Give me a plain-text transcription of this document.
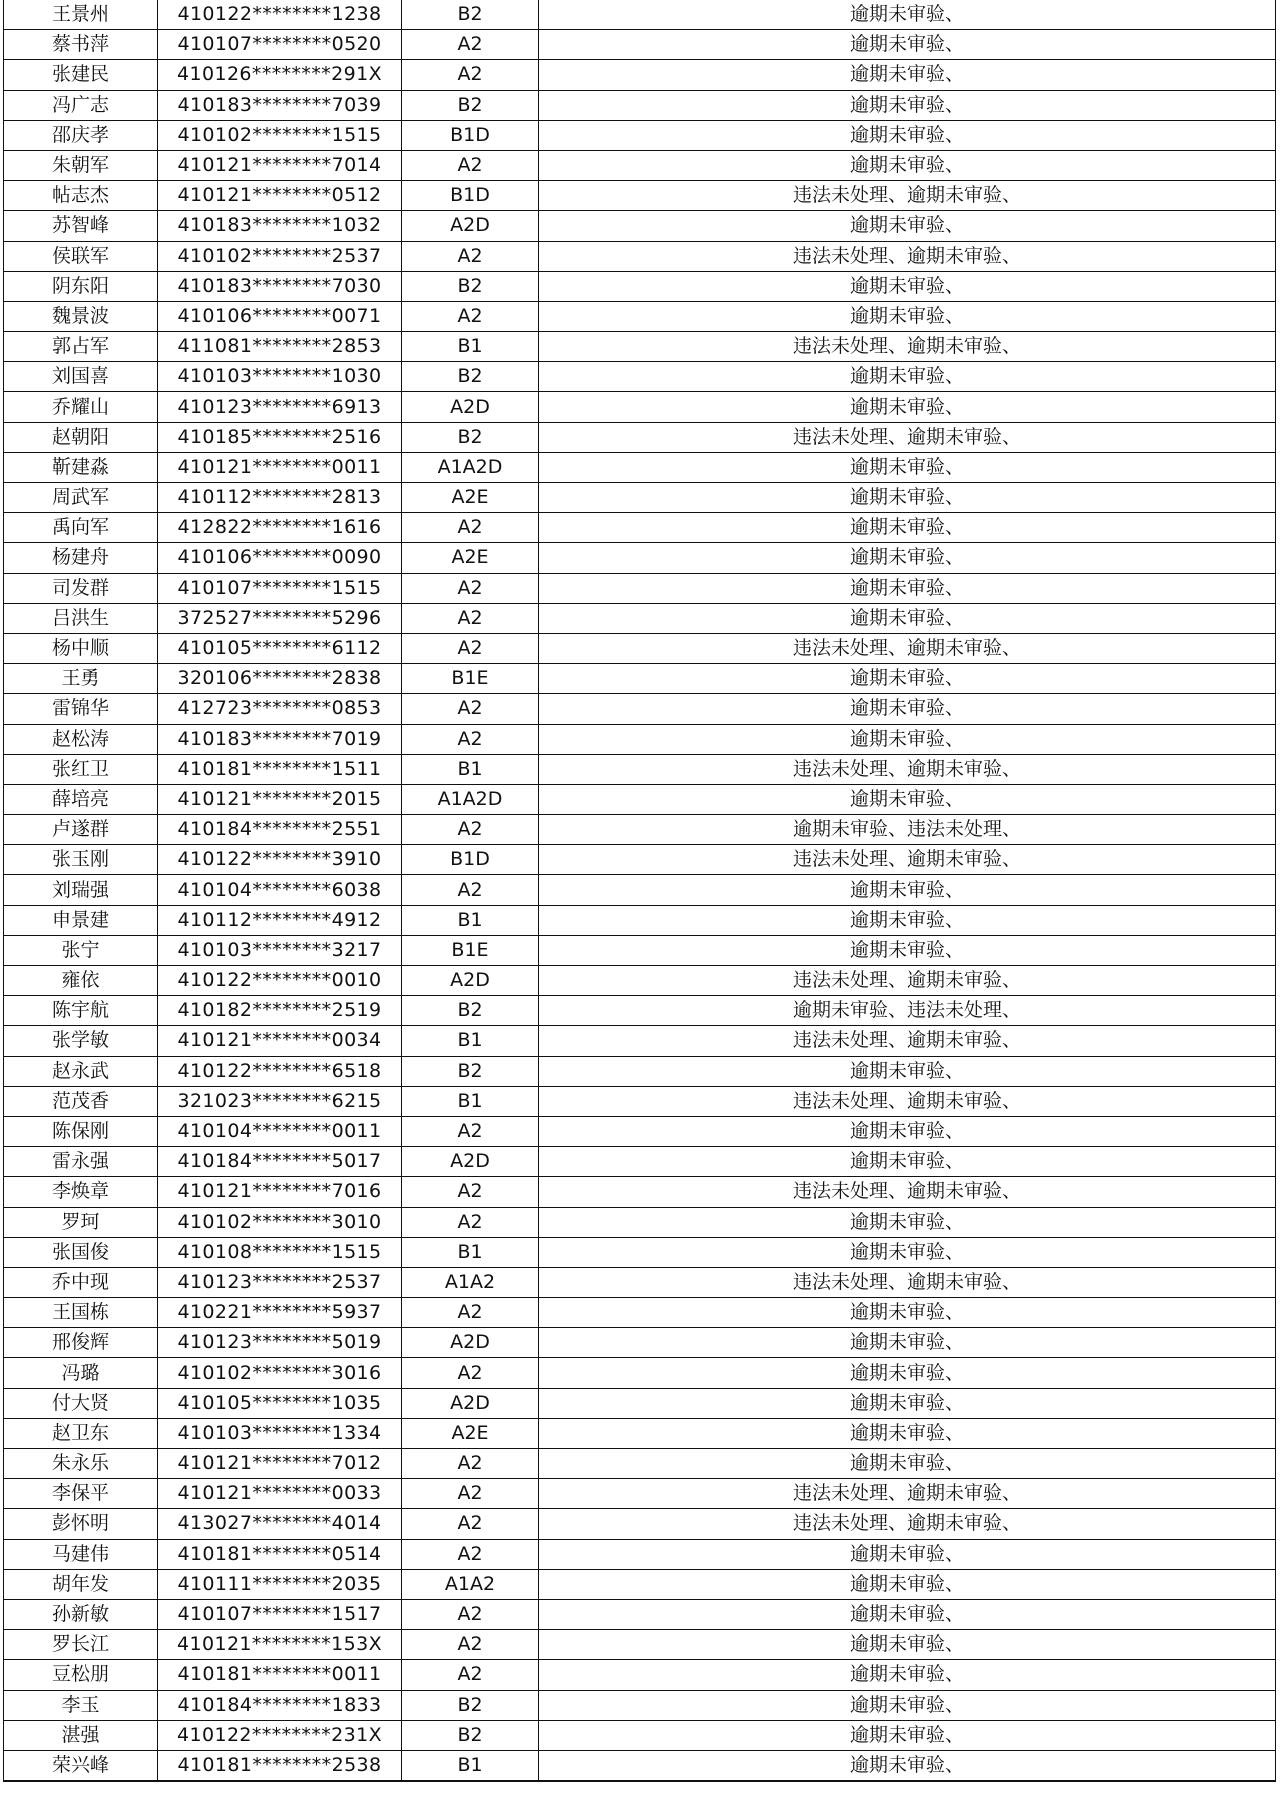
王景州	410122********1238	B2	逾期未审验、
蔡书萍	410107********0520	A2	逾期未审验、
张建民	410126********291X	A2	逾期未审验、
冯广志	410183********7039	B2	逾期未审验、
邵庆孝	410102********1515	B1D	逾期未审验、
朱朝军	410121********7014	A2	逾期未审验、
帖志杰	410121********0512	B1D	违法未处理、逾期未审验、
苏智峰	410183********1032	A2D	逾期未审验、
侯联军	410102********2537	A2	违法未处理、逾期未审验、
阴东阳	410183********7030	B2	逾期未审验、
魏景波	410106********0071	A2	逾期未审验、
郭占军	411081********2853	B1	违法未处理、逾期未审验、
刘国喜	410103********1030	B2	逾期未审验、
乔耀山	410123********6913	A2D	逾期未审验、
赵朝阳	410185********2516	B2	违法未处理、逾期未审验、
靳建淼	410121********0011	A1A2D	逾期未审验、
周武军	410112********2813	A2E	逾期未审验、
禹向军	412822********1616	A2	逾期未审验、
杨建舟	410106********0090	A2E	逾期未审验、
司发群	410107********1515	A2	逾期未审验、
吕洪生	372527********5296	A2	逾期未审验、
杨中顺	410105********6112	A2	违法未处理、逾期未审验、
王勇	320106********2838	B1E	逾期未审验、
雷锦华	412723********0853	A2	逾期未审验、
赵松涛	410183********7019	A2	逾期未审验、
张红卫	410181********1511	B1	违法未处理、逾期未审验、
薛培亮	410121********2015	A1A2D	逾期未审验、
卢遂群	410184********2551	A2	逾期未审验、违法未处理、
张玉刚	410122********3910	B1D	违法未处理、逾期未审验、
刘瑞强	410104********6038	A2	逾期未审验、
申景建	410112********4912	B1	逾期未审验、
张宁	410103********3217	B1E	逾期未审验、
雍依	410122********0010	A2D	违法未处理、逾期未审验、
陈宇航	410182********2519	B2	逾期未审验、违法未处理、
张学敏	410121********0034	B1	违法未处理、逾期未审验、
赵永武	410122********6518	B2	逾期未审验、
范茂香	321023********6215	B1	违法未处理、逾期未审验、
陈保刚	410104********0011	A2	逾期未审验、
雷永强	410184********5017	A2D	逾期未审验、
李焕章	410121********7016	A2	违法未处理、逾期未审验、
罗珂	410102********3010	A2	逾期未审验、
张国俊	410108********1515	B1	逾期未审验、
乔中现	410123********2537	A1A2	违法未处理、逾期未审验、
王国栋	410221********5937	A2	逾期未审验、
邢俊辉	410123********5019	A2D	逾期未审验、
冯璐	410102********3016	A2	逾期未审验、
付大贤	410105********1035	A2D	逾期未审验、
赵卫东	410103********1334	A2E	逾期未审验、
朱永乐	410121********7012	A2	逾期未审验、
李保平	410121********0033	A2	违法未处理、逾期未审验、
彭怀明	413027********4014	A2	违法未处理、逾期未审验、
马建伟	410181********0514	A2	逾期未审验、
胡年发	410111********2035	A1A2	逾期未审验、
孙新敏	410107********1517	A2	逾期未审验、
罗长江	410121********153X	A2	逾期未审验、
豆松朋	410181********0011	A2	逾期未审验、
李玉	410184********1833	B2	逾期未审验、
湛强	410122********231X	B2	逾期未审验、
荣兴峰	410181********2538	B1	逾期未审验、
